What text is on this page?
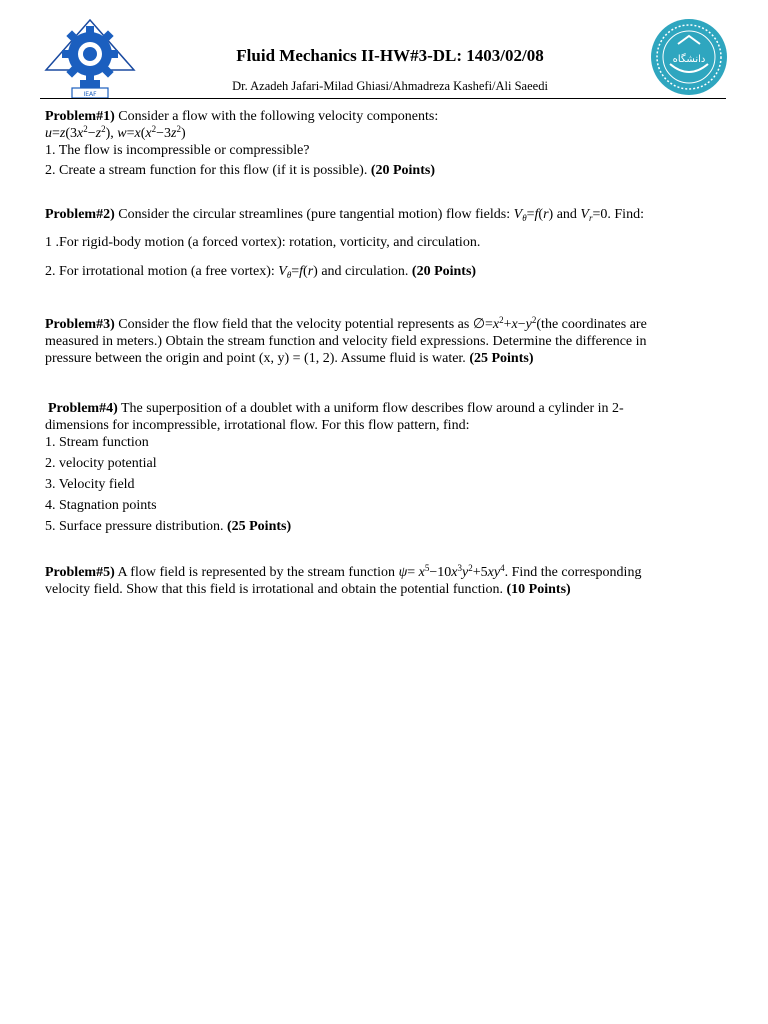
IEAF
Fluid Mechanics II-HW#3-DL: 1403/02/08
Dr. Azadeh Jafari-Milad Ghiasi/Ahmadreza Kashefi/Ali Saeedi
دانشگاه

Problem#1) Consider a flow with the following velocity components:

$u=z(3x^2-z^2)$, $w=x(x^2-3z^2)$

1. The flow is incompressible or compressible?

2. Create a stream function for this flow (if it is possible). (20 Points)

Problem#2) Consider the circular streamlines (pure tangential motion) flow fields: $V_\theta=f(r)$ and $V_r=0$. Find:

1 .For rigid-body motion (a forced vortex): rotation, vorticity, and circulation.

2. For irrotational motion (a free vortex): $V_\theta=f(r)$ and circulation. (20 Points)

Problem#3) Consider the flow field that the velocity potential represents as $\emptyset=x^2+x-y^2(the$ coordinates are

measured in meters.) Obtain the stream function and velocity field expressions. Determine the difference in

pressure between the origin and point (x, y) = (1, 2). Assume fluid is water. (25 Points)

Problem#4) The superposition of a doublet with a uniform flow describes flow around a cylinder in 2-

dimensions for incompressible, irrotational flow. For this flow pattern, find:

1. Stream function

2. velocity potential

3. Velocity field

4. Stagnation points

5. Surface pressure distribution. (25 Points)

Problem#5) A flow field is represented by the stream function $\psi= x^5-10x^3y^2+5xy^4$. Find the corresponding

velocity field. Show that this field is irrotational and obtain the potential function. (10 Points)
